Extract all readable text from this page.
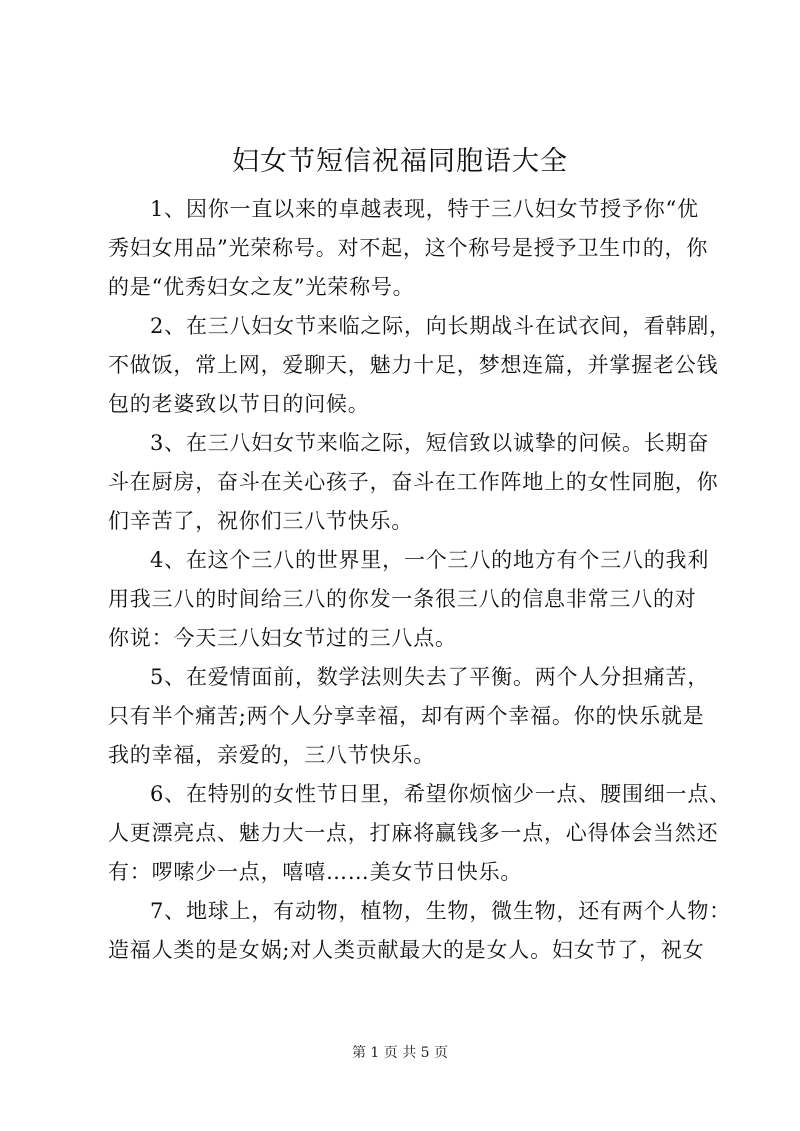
妇女节短信祝福同胞语大全
1、因你一直以来的卓越表现，特于三八妇女节授予你“优
秀妇女用品”光荣称号。对不起，这个称号是授予卫生巾的，你
的是“优秀妇女之友”光荣称号。
2、在三八妇女节来临之际，向长期战斗在试衣间，看韩剧，
不做饭，常上网，爱聊天，魅力十足，梦想连篇，并掌握老公钱
包的老婆致以节日的问候。
3、在三八妇女节来临之际，短信致以诚挚的问候。长期奋
斗在厨房，奋斗在关心孩子，奋斗在工作阵地上的女性同胞，你
们辛苦了，祝你们三八节快乐。
4、在这个三八的世界里，一个三八的地方有个三八的我利
用我三八的时间给三八的你发一条很三八的信息非常三八的对
你说：今天三八妇女节过的三八点。
5、在爱情面前，数学法则失去了平衡。两个人分担痛苦，
只有半个痛苦;两个人分享幸福，却有两个幸福。你的快乐就是
我的幸福，亲爱的，三八节快乐。
6、在特别的女性节日里，希望你烦恼少一点、腰围细一点、
人更漂亮点、魅力大一点，打麻将赢钱多一点，心得体会当然还
有：啰嗦少一点，嘻嘻……美女节日快乐。
7、地球上，有动物，植物，生物，微生物，还有两个人物：
造福人类的是女娲;对人类贡献最大的是女人。妇女节了，祝女
第 1 页 共 5 页
